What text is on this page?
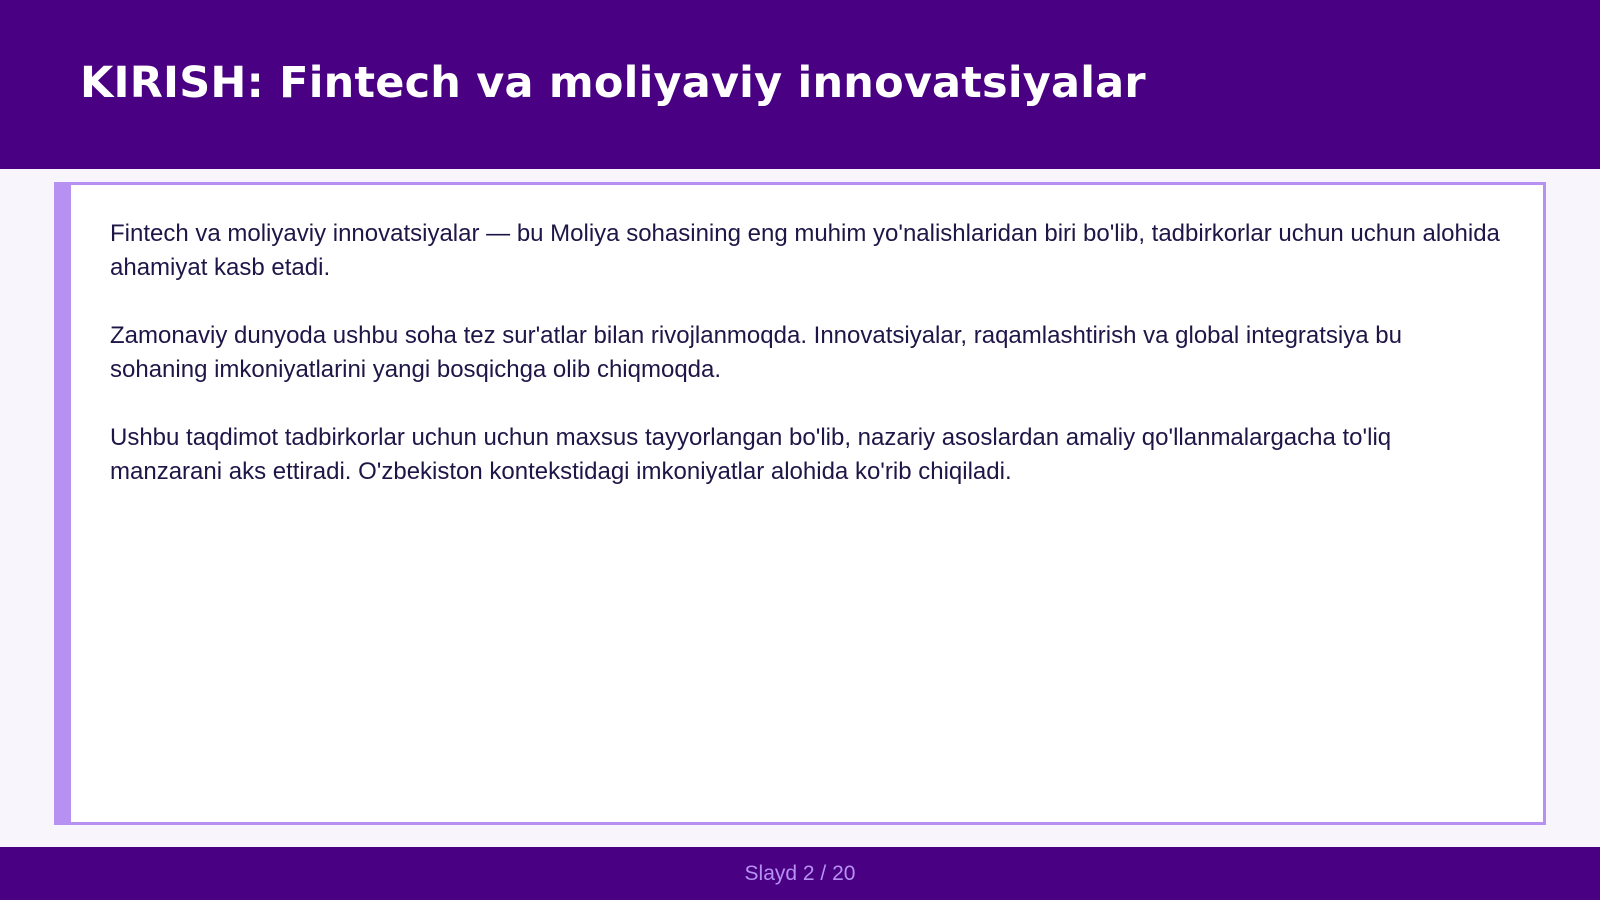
KIRISH: Fintech va moliyaviy innovatsiyalar

Fintech va moliyaviy innovatsiyalar — bu Moliya sohasining eng muhim yo'nalishlaridan biri bo'lib, tadbirkorlar uchun uchun alohida ahamiyat kasb etadi.

Zamonaviy dunyoda ushbu soha tez sur'atlar bilan rivojlanmoqda. Innovatsiyalar, raqamlashtirish va global integratsiya bu sohaning imkoniyatlarini yangi bosqichga olib chiqmoqda.

Ushbu taqdimot tadbirkorlar uchun uchun maxsus tayyorlangan bo'lib, nazariy asoslardan amaliy qo'llanmalargacha to'liq manzarani aks ettiradi. O'zbekiston kontekstidagi imkoniyatlar alohida ko'rib chiqiladi.

Slayd 2 / 20
